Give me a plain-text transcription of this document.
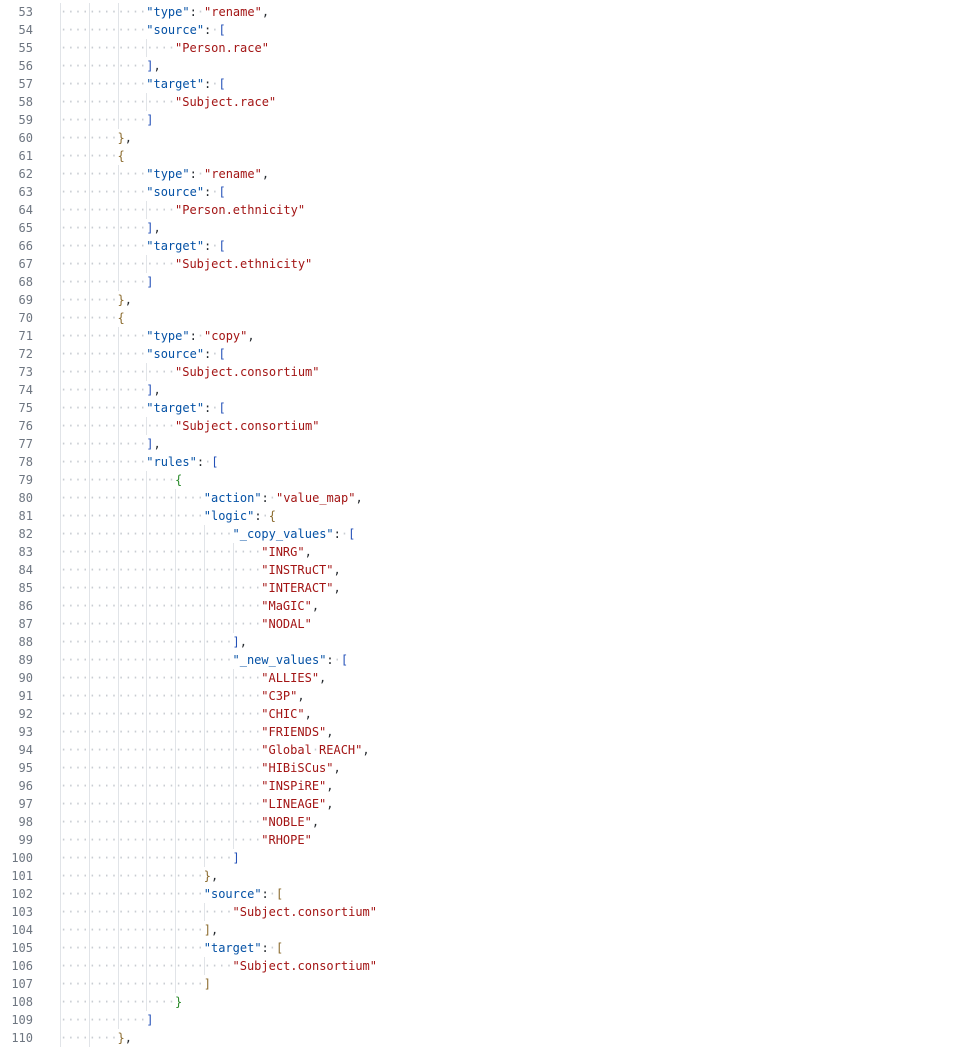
53 ············"type":·"rename",
54 ············"source":·[
55 ················"Person.race"
56 ············],
57 ············"target":·[
58 ················"Subject.race"
59 ············]
60 ········},
61 ········{
62 ············"type":·"rename",
63 ············"source":·[
64 ················"Person.ethnicity"
65 ············],
66 ············"target":·[
67 ················"Subject.ethnicity"
68 ············]
69 ········},
70 ········{
71 ············"type":·"copy",
72 ············"source":·[
73 ················"Subject.consortium"
74 ············],
75 ············"target":·[
76 ················"Subject.consortium"
77 ············],
78 ············"rules":·[
79 ················{
80 ····················"action":·"value_map",
81 ····················"logic":·{
82 ························"_copy_values":·[
83 ····························"INRG",
84 ····························"INSTRuCT",
85 ····························"INTERACT",
86 ····························"MaGIC",
87 ····························"NODAL"
88 ························],
89 ························"_new_values":·[
90 ····························"ALLIES",
91 ····························"C3P",
92 ····························"CHIC",
93 ····························"FRIENDS",
94 ····························"Global·REACH",
95 ····························"HIBiSCus",
96 ····························"INSPiRE",
97 ····························"LINEAGE",
98 ····························"NOBLE",
99 ····························"RHOPE"
100 ························]
101 ····················},
102 ····················"source":·[
103 ························"Subject.consortium"
104 ····················],
105 ····················"target":·[
106 ························"Subject.consortium"
107 ····················]
108 ················}
109 ············]
110 ········},
